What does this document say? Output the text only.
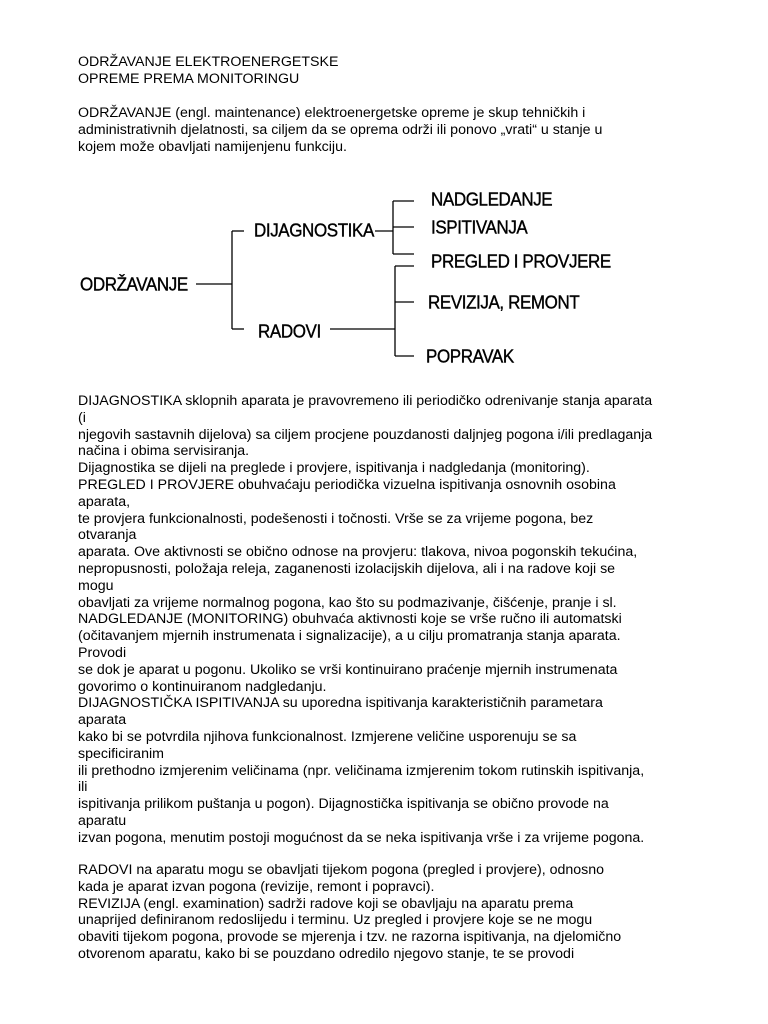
ODRŽAVANJE ELEKTROENERGETSKE
OPREME PREMA MONITORINGU
ODRŽAVANJE (engl. maintenance) elektroenergetske opreme je skup tehničkih i
administrativnih djelatnosti, sa ciljem da se oprema održi ili ponovo „vrati“ u stanje u
kojem može obavljati namijenjenu funkciju.
ODRŽAVANJE
DIJAGNOSTIKA
RADOVI
NADGLEDANJE
ISPITIVANJA
PREGLED I PROVJERE
REVIZIJA, REMONT
POPRAVAK
DIJAGNOSTIKA sklopnih aparata je pravovremeno ili periodičko odrenivanje stanja aparata
(i
njegovih sastavnih dijelova) sa ciljem procjene pouzdanosti daljnjeg pogona i/ili predlaganja
načina i obima servisiranja.
Dijagnostika se dijeli na preglede i provjere, ispitivanja i nadgledanja (monitoring).
PREGLED I PROVJERE obuhvaćaju periodička vizuelna ispitivanja osnovnih osobina
aparata,
te provjera funkcionalnosti, podešenosti i točnosti. Vrše se za vrijeme pogona, bez
otvaranja
aparata. Ove aktivnosti se obično odnose na provjeru: tlakova, nivoa pogonskih tekućina,
nepropusnosti, položaja releja, zaganenosti izolacijskih dijelova, ali i na radove koji se
mogu
obavljati za vrijeme normalnog pogona, kao što su podmazivanje, čišćenje, pranje i sl.
NADGLEDANJE (MONITORING) obuhvaća aktivnosti koje se vrše ručno ili automatski
(očitavanjem mjernih instrumenata i signalizacije), a u cilju promatranja stanja aparata.
Provodi
se dok je aparat u pogonu. Ukoliko se vrši kontinuirano praćenje mjernih instrumenata
govorimo o kontinuiranom nadgledanju.
DIJAGNOSTIČKA ISPITIVANJA su uporedna ispitivanja karakterističnih parametara
aparata
kako bi se potvrdila njihova funkcionalnost. Izmjerene veličine usporenuju se sa
specificiranim
ili prethodno izmjerenim veličinama (npr. veličinama izmjerenim tokom rutinskih ispitivanja,
ili
ispitivanja prilikom puštanja u pogon). Dijagnostička ispitivanja se obično provode na
aparatu
izvan pogona, menutim postoji mogućnost da se neka ispitivanja vrše i za vrijeme pogona.
RADOVI na aparatu mogu se obavljati tijekom pogona (pregled i provjere), odnosno
kada je aparat izvan pogona (revizije, remont i popravci).
REVIZIJA (engl. examination) sadrži radove koji se obavljaju na aparatu prema
unaprijed definiranom redoslijedu i terminu. Uz pregled i provjere koje se ne mogu
obaviti tijekom pogona, provode se mjerenja i tzv. ne razorna ispitivanja, na djelomično
otvorenom aparatu, kako bi se pouzdano odredilo njegovo stanje, te se provodi
